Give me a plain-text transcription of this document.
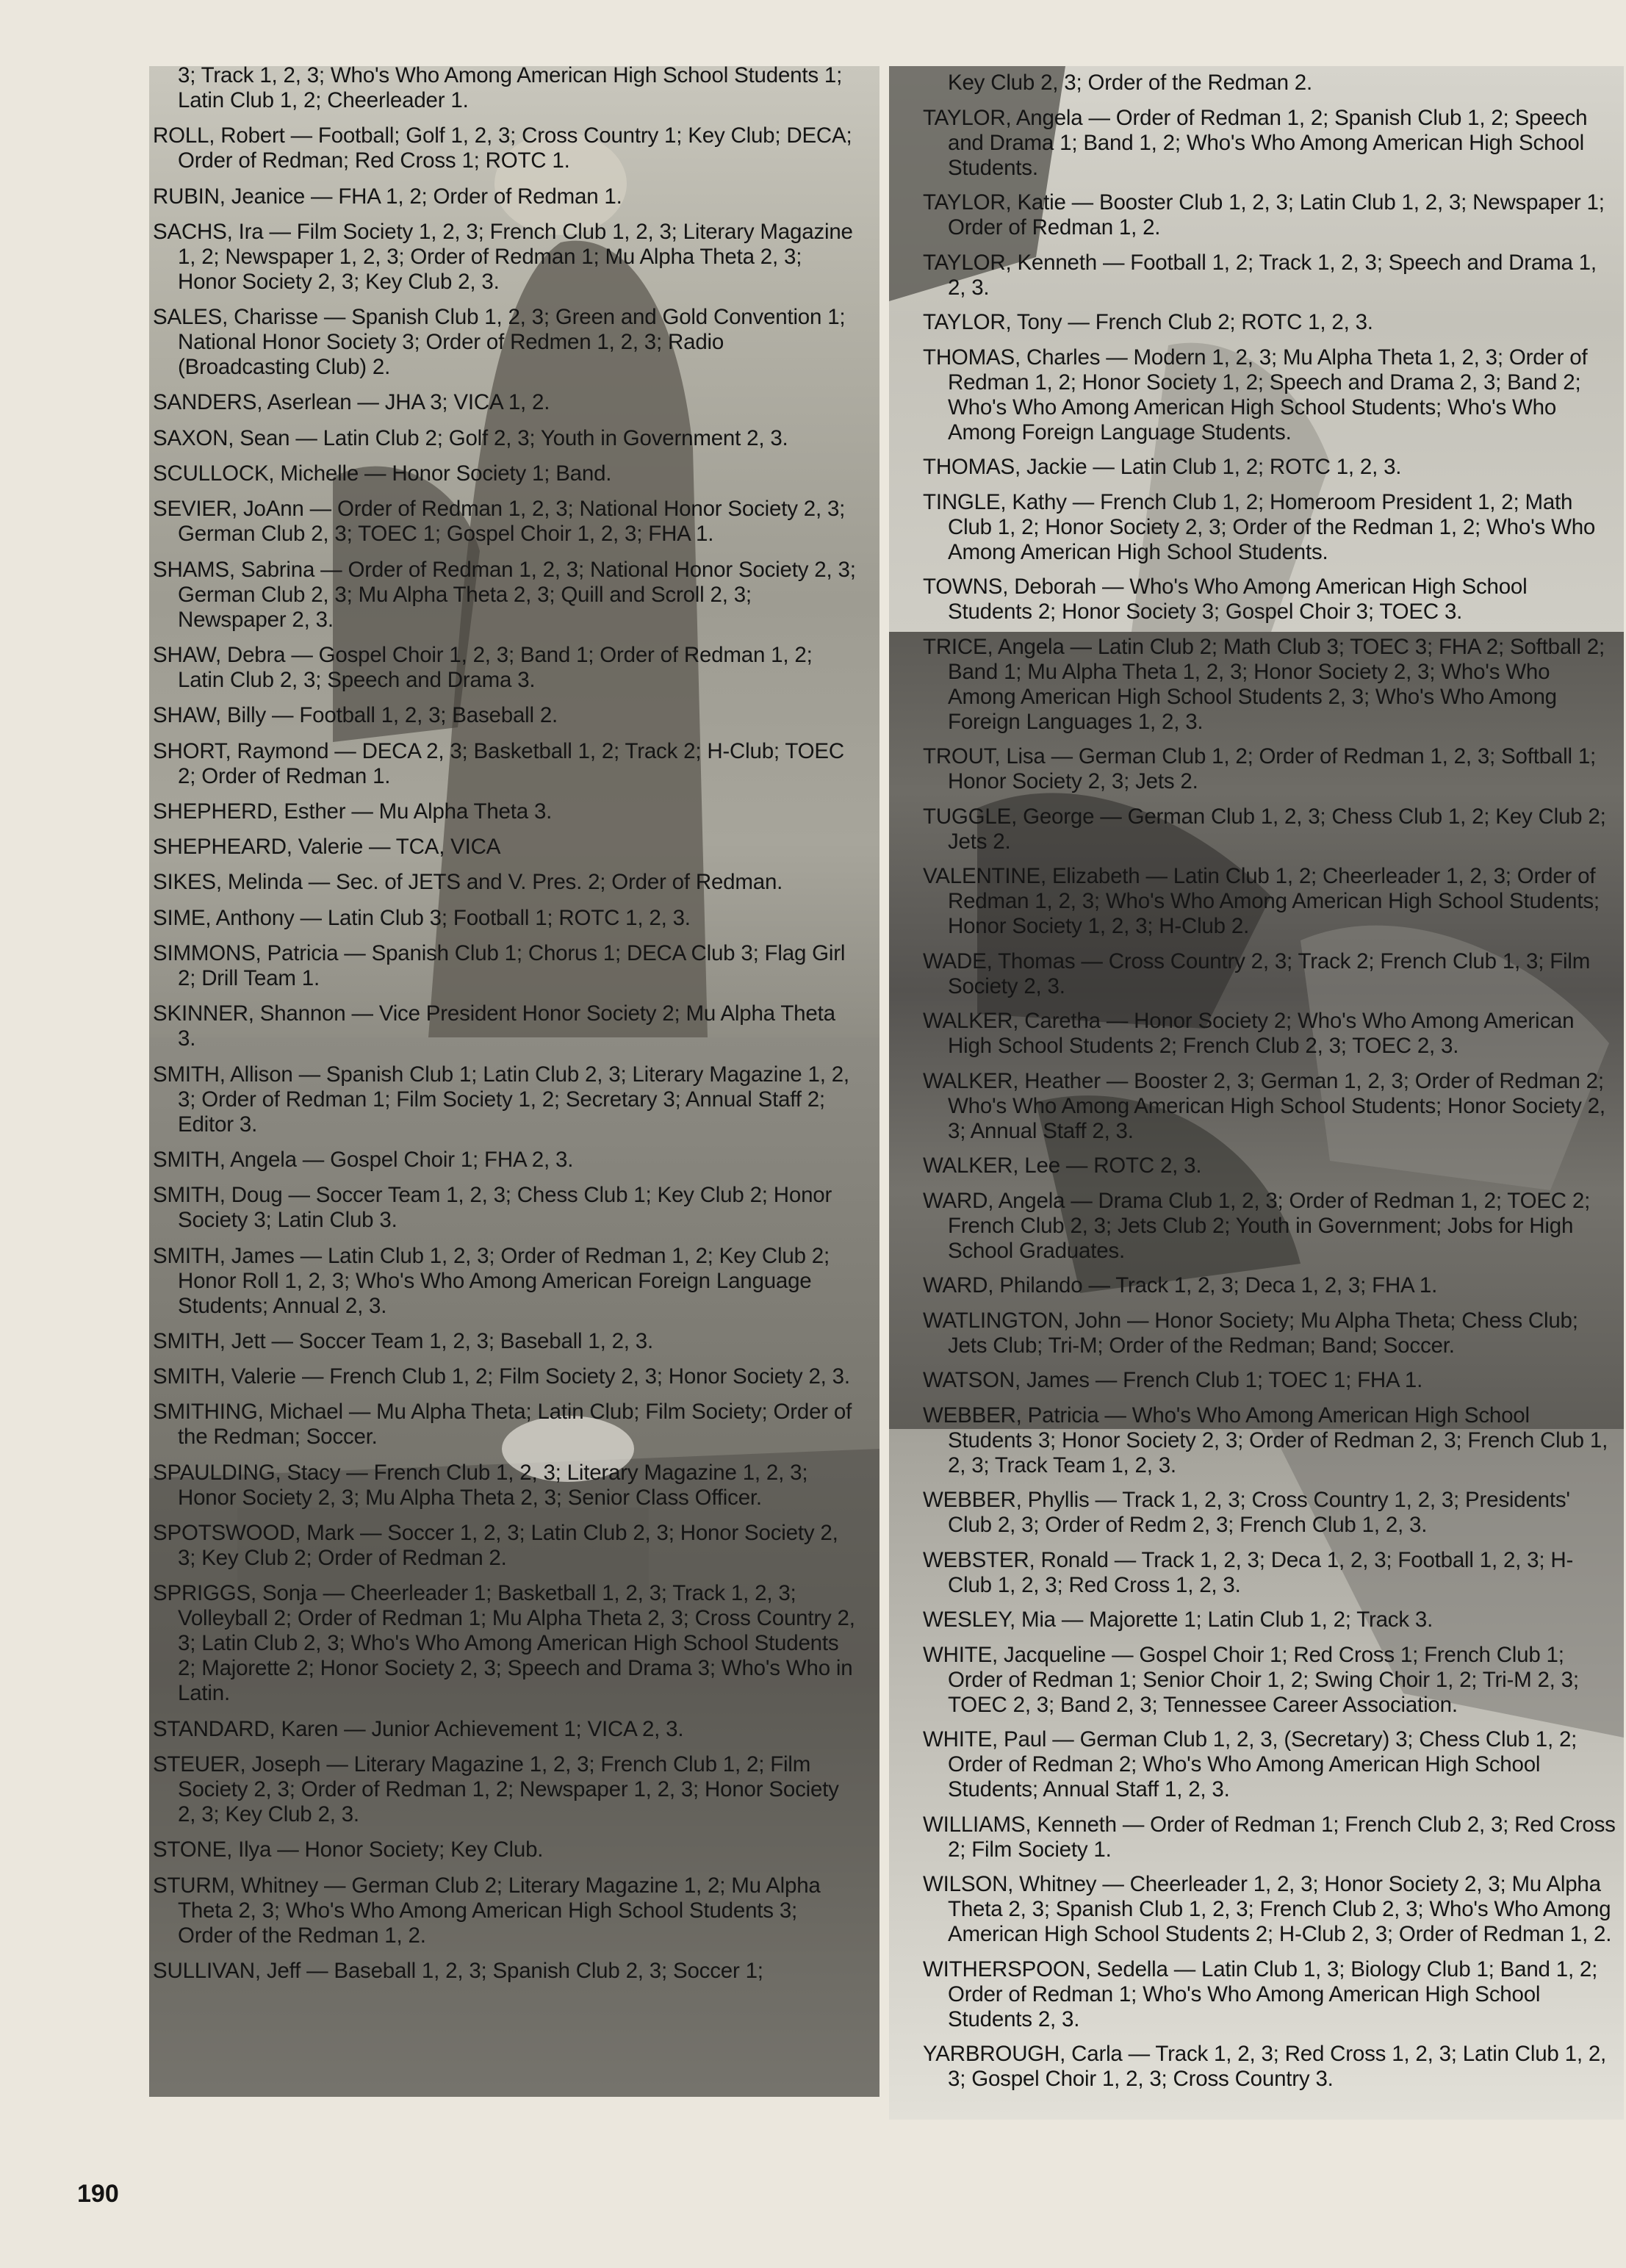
3; Track 1, 2, 3; Who's Who Among American High School Students 1; Latin Club 1, 2; Cheerleader 1.
ROLL, Robert — Football; Golf 1, 2, 3; Cross Country 1; Key Club; DECA; Order of Redman; Red Cross 1; ROTC 1.
RUBIN, Jeanice — FHA 1, 2; Order of Redman 1.
SACHS, Ira — Film Society 1, 2, 3; French Club 1, 2, 3; Literary Magazine 1, 2; Newspaper 1, 2, 3; Order of Redman 1; Mu Alpha Theta 2, 3; Honor Society 2, 3; Key Club 2, 3.
SALES, Charisse — Spanish Club 1, 2, 3; Green and Gold Convention 1; National Honor Society 3; Order of Redmen 1, 2, 3; Radio (Broadcasting Club) 2.
SANDERS, Aserlean — JHA 3; VICA 1, 2.
SAXON, Sean — Latin Club 2; Golf 2, 3; Youth in Government 2, 3.
SCULLOCK, Michelle — Honor Society 1; Band.
SEVIER, JoAnn — Order of Redman 1, 2, 3; National Honor Society 2, 3; German Club 2, 3; TOEC 1; Gospel Choir 1, 2, 3; FHA 1.
SHAMS, Sabrina — Order of Redman 1, 2, 3; National Honor Society 2, 3; German Club 2, 3; Mu Alpha Theta 2, 3; Quill and Scroll 2, 3; Newspaper 2, 3.
SHAW, Debra — Gospel Choir 1, 2, 3; Band 1; Order of Redman 1, 2; Latin Club 2, 3; Speech and Drama 3.
SHAW, Billy — Football 1, 2, 3; Baseball 2.
SHORT, Raymond — DECA 2, 3; Basketball 1, 2; Track 2; H-Club; TOEC 2; Order of Redman 1.
SHEPHERD, Esther — Mu Alpha Theta 3.
SHEPHEARD, Valerie — TCA, VICA
SIKES, Melinda — Sec. of JETS and V. Pres. 2; Order of Redman.
SIME, Anthony — Latin Club 3; Football 1; ROTC 1, 2, 3.
SIMMONS, Patricia — Spanish Club 1; Chorus 1; DECA Club 3; Flag Girl 2; Drill Team 1.
SKINNER, Shannon — Vice President Honor Society 2; Mu Alpha Theta 3.
SMITH, Allison — Spanish Club 1; Latin Club 2, 3; Literary Magazine 1, 2, 3; Order of Redman 1; Film Society 1, 2; Secretary 3; Annual Staff 2; Editor 3.
SMITH, Angela — Gospel Choir 1; FHA 2, 3.
SMITH, Doug — Soccer Team 1, 2, 3; Chess Club 1; Key Club 2; Honor Society 3; Latin Club 3.
SMITH, James — Latin Club 1, 2, 3; Order of Redman 1, 2; Key Club 2; Honor Roll 1, 2, 3; Who's Who Among American Foreign Language Students; Annual 2, 3.
SMITH, Jett — Soccer Team 1, 2, 3; Baseball 1, 2, 3.
SMITH, Valerie — French Club 1, 2; Film Society 2, 3; Honor Society 2, 3.
SMITHING, Michael — Mu Alpha Theta; Latin Club; Film Society; Order of the Redman; Soccer.
SPAULDING, Stacy — French Club 1, 2, 3; Literary Magazine 1, 2, 3; Honor Society 2, 3; Mu Alpha Theta 2, 3; Senior Class Officer.
SPOTSWOOD, Mark — Soccer 1, 2, 3; Latin Club 2, 3; Honor Society 2, 3; Key Club 2; Order of Redman 2.
SPRIGGS, Sonja — Cheerleader 1; Basketball 1, 2, 3; Track 1, 2, 3; Volleyball 2; Order of Redman 1; Mu Alpha Theta 2, 3; Cross Country 2, 3; Latin Club 2, 3; Who's Who Among American High School Students 2; Majorette 2; Honor Society 2, 3; Speech and Drama 3; Who's Who in Latin.
STANDARD, Karen — Junior Achievement 1; VICA 2, 3.
STEUER, Joseph — Literary Magazine 1, 2, 3; French Club 1, 2; Film Society 2, 3; Order of Redman 1, 2; Newspaper 1, 2, 3; Honor Society 2, 3; Key Club 2, 3.
STONE, Ilya — Honor Society; Key Club.
STURM, Whitney — German Club 2; Literary Magazine 1, 2; Mu Alpha Theta 2, 3; Who's Who Among American High School Students 3; Order of the Redman 1, 2.
SULLIVAN, Jeff — Baseball 1, 2, 3; Spanish Club 2, 3; Soccer 1;
Key Club 2, 3; Order of the Redman 2.
TAYLOR, Angela — Order of Redman 1, 2; Spanish Club 1, 2; Speech and Drama 1; Band 1, 2; Who's Who Among American High School Students.
TAYLOR, Katie — Booster Club 1, 2, 3; Latin Club 1, 2, 3; Newspaper 1; Order of Redman 1, 2.
TAYLOR, Kenneth — Football 1, 2; Track 1, 2, 3; Speech and Drama 1, 2, 3.
TAYLOR, Tony — French Club 2; ROTC 1, 2, 3.
THOMAS, Charles — Modern 1, 2, 3; Mu Alpha Theta 1, 2, 3; Order of Redman 1, 2; Honor Society 1, 2; Speech and Drama 2, 3; Band 2; Who's Who Among American High School Students; Who's Who Among Foreign Language Students.
THOMAS, Jackie — Latin Club 1, 2; ROTC 1, 2, 3.
TINGLE, Kathy — French Club 1, 2; Homeroom President 1, 2; Math Club 1, 2; Honor Society 2, 3; Order of the Redman 1, 2; Who's Who Among American High School Students.
TOWNS, Deborah — Who's Who Among American High School Students 2; Honor Society 3; Gospel Choir 3; TOEC 3.
TRICE, Angela — Latin Club 2; Math Club 3; TOEC 3; FHA 2; Softball 2; Band 1; Mu Alpha Theta 1, 2, 3; Honor Society 2, 3; Who's Who Among American High School Students 2, 3; Who's Who Among Foreign Languages 1, 2, 3.
TROUT, Lisa — German Club 1, 2; Order of Redman 1, 2, 3; Softball 1; Honor Society 2, 3; Jets 2.
TUGGLE, George — German Club 1, 2, 3; Chess Club 1, 2; Key Club 2; Jets 2.
VALENTINE, Elizabeth — Latin Club 1, 2; Cheerleader 1, 2, 3; Order of Redman 1, 2, 3; Who's Who Among American High School Students; Honor Society 1, 2, 3; H-Club 2.
WADE, Thomas — Cross Country 2, 3; Track 2; French Club 1, 3; Film Society 2, 3.
WALKER, Caretha — Honor Society 2; Who's Who Among American High School Students 2; French Club 2, 3; TOEC 2, 3.
WALKER, Heather — Booster 2, 3; German 1, 2, 3; Order of Redman 2; Who's Who Among American High School Students; Honor Society 2, 3; Annual Staff 2, 3.
WALKER, Lee — ROTC 2, 3.
WARD, Angela — Drama Club 1, 2, 3; Order of Redman 1, 2; TOEC 2; French Club 2, 3; Jets Club 2; Youth in Government; Jobs for High School Graduates.
WARD, Philando — Track 1, 2, 3; Deca 1, 2, 3; FHA 1.
WATLINGTON, John — Honor Society; Mu Alpha Theta; Chess Club; Jets Club; Tri-M; Order of the Redman; Band; Soccer.
WATSON, James — French Club 1; TOEC 1; FHA 1.
WEBBER, Patricia — Who's Who Among American High School Students 3; Honor Society 2, 3; Order of Redman 2, 3; French Club 1, 2, 3; Track Team 1, 2, 3.
WEBBER, Phyllis — Track 1, 2, 3; Cross Country 1, 2, 3; Presidents' Club 2, 3; Order of Redm 2, 3; French Club 1, 2, 3.
WEBSTER, Ronald — Track 1, 2, 3; Deca 1, 2, 3; Football 1, 2, 3; H-Club 1, 2, 3; Red Cross 1, 2, 3.
WESLEY, Mia — Majorette 1; Latin Club 1, 2; Track 3.
WHITE, Jacqueline — Gospel Choir 1; Red Cross 1; French Club 1; Order of Redman 1; Senior Choir 1, 2; Swing Choir 1, 2; Tri-M 2, 3; TOEC 2, 3; Band 2, 3; Tennessee Career Association.
WHITE, Paul — German Club 1, 2, 3, (Secretary) 3; Chess Club 1, 2; Order of Redman 2; Who's Who Among American High School Students; Annual Staff 1, 2, 3.
WILLIAMS, Kenneth — Order of Redman 1; French Club 2, 3; Red Cross 2; Film Society 1.
WILSON, Whitney — Cheerleader 1, 2, 3; Honor Society 2, 3; Mu Alpha Theta 2, 3; Spanish Club 1, 2, 3; French Club 2, 3; Who's Who Among American High School Students 2; H-Club 2, 3; Order of Redman 1, 2.
WITHERSPOON, Sedella — Latin Club 1, 3; Biology Club 1; Band 1, 2; Order of Redman 1; Who's Who Among American High School Students 2, 3.
YARBROUGH, Carla — Track 1, 2, 3; Red Cross 1, 2, 3; Latin Club 1, 2, 3; Gospel Choir 1, 2, 3; Cross Country 3.
190
